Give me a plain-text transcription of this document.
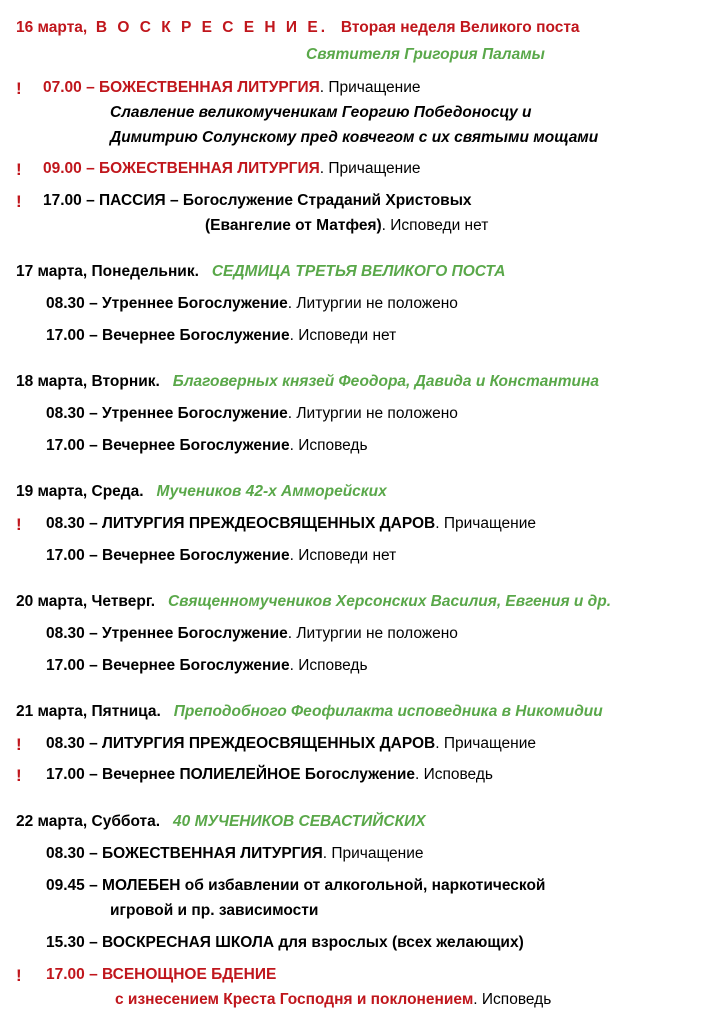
16 марта, В О С К Р Е С Е Н И Е. Вторая неделя Великого поста
Святителя Григория Паламы
! 07.00 – БОЖЕСТВЕННАЯ ЛИТУРГИЯ. Причащение
Славление великомученикам Георгию Победоносцу и
Димитрию Солунскому пред ковчегом с их святыми мощами
! 09.00 – БОЖЕСТВЕННАЯ ЛИТУРГИЯ. Причащение
! 17.00 – ПАССИЯ – Богослужение Страданий Христовых
(Евангелие от Матфея). Исповеди нет
17 марта, Понедельник. СЕДМИЦА ТРЕТЬЯ ВЕЛИКОГО ПОСТА
08.30 – Утреннее Богослужение. Литургии не положено
17.00 – Вечернее Богослужение. Исповеди нет
18 марта, Вторник. Благоверных князей Феодора, Давида и Константина
08.30 – Утреннее Богослужение. Литургии не положено
17.00 – Вечернее Богослужение. Исповедь
19 марта, Среда. Мучеников 42-х Амморейских
! 08.30 – ЛИТУРГИЯ ПРЕЖДЕОСВЯЩЕННЫХ ДАРОВ. Причащение
17.00 – Вечернее Богослужение. Исповеди нет
20 марта, Четверг. Священномучеников Херсонских Василия, Евгения и др.
08.30 – Утреннее Богослужение. Литургии не положено
17.00 – Вечернее Богослужение. Исповедь
21 марта, Пятница. Преподобного Феофилакта исповедника в Никомидии
! 08.30 – ЛИТУРГИЯ ПРЕЖДЕОСВЯЩЕННЫХ ДАРОВ. Причащение
! 17.00 – Вечернее ПОЛИЕЛЕЙНОЕ Богослужение. Исповедь
22 марта, Суббота. 40 МУЧЕНИКОВ СЕВАСТИЙСКИХ
08.30 – БОЖЕСТВЕННАЯ ЛИТУРГИЯ. Причащение
09.45 – МОЛЕБЕН об избавлении от алкогольной, наркотической
игровой и пр. зависимости
15.30 – ВОСКРЕСНАЯ ШКОЛА для взрослых (всех желающих)
! 17.00 – ВСЕНОЩНОЕ БДЕНИЕ
с изнесением Креста Господня и поклонением. Исповедь
